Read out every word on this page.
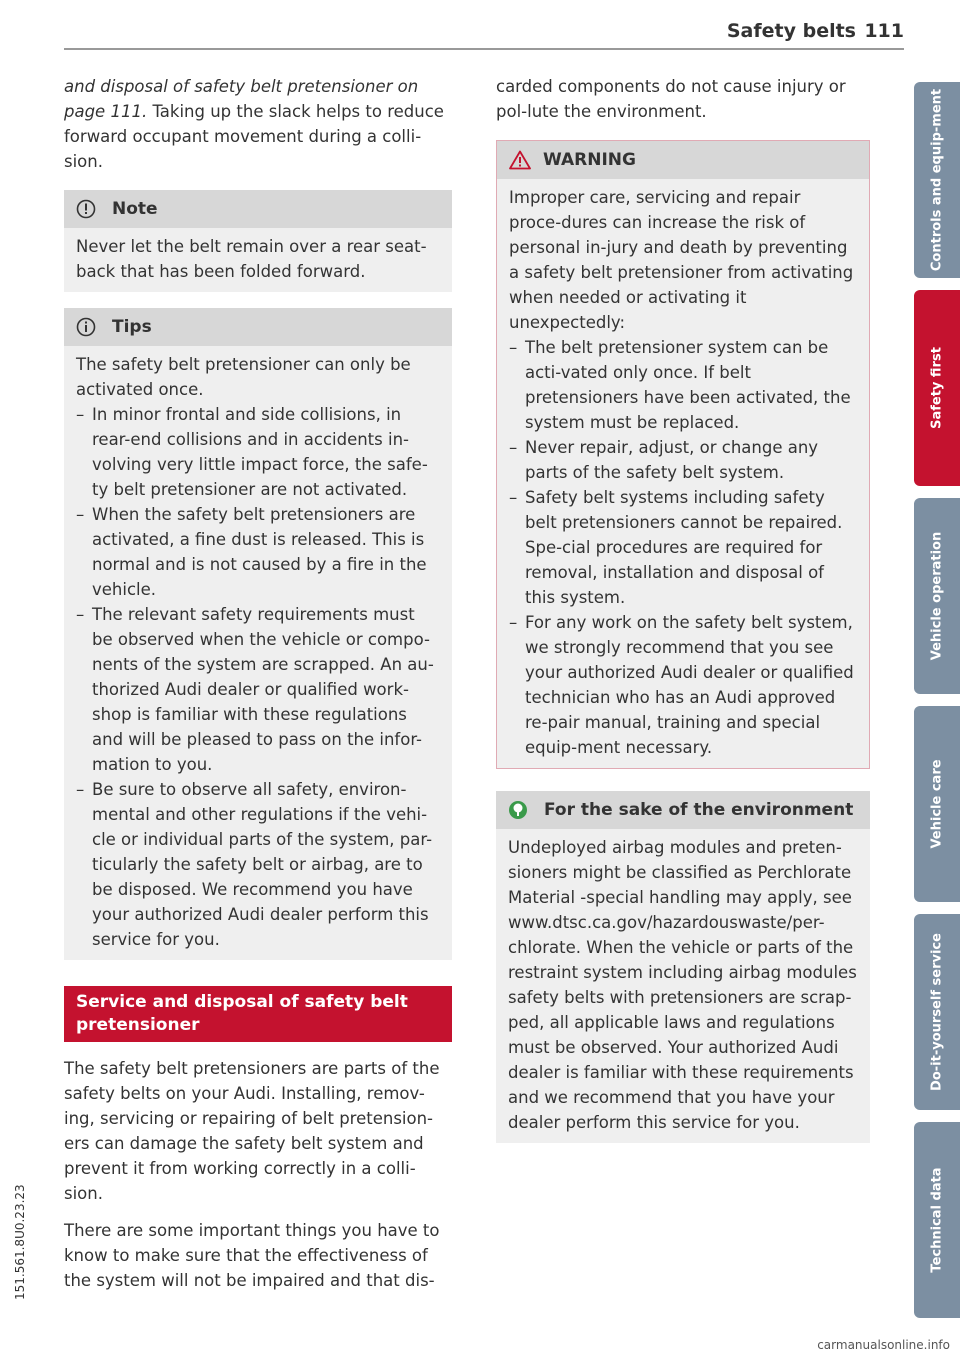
Safety belts 111

and disposal of safety belt pretensioner on page 111. Taking up the slack helps to reduce forward occupant movement during a colli-sion.

Note

Never let the belt remain over a rear seat-back that has been folded forward.

Tips

The safety belt pretensioner can only be activated once.

– In minor frontal and side collisions, in rear-end collisions and in accidents in-volving very little impact force, the safe-ty belt pretensioner are not activated.
– When the safety belt pretensioners are activated, a fine dust is released. This is normal and is not caused by a fire in the vehicle.
– The relevant safety requirements must be observed when the vehicle or compo-nents of the system are scrapped. An au-thorized Audi dealer or qualified work-shop is familiar with these regulations and will be pleased to pass on the infor-mation to you.
– Be sure to observe all safety, environ-mental and other regulations if the vehi-cle or individual parts of the system, par-ticularly the safety belt or airbag, are to be disposed. We recommend you have your authorized Audi dealer perform this service for you.
Service and disposal of safety belt pretensioner

The safety belt pretensioners are parts of the safety belts on your Audi. Installing, remov-ing, servicing or repairing of belt pretension-ers can damage the safety belt system and prevent it from working correctly in a colli-sion.

There are some important things you have to know to make sure that the effectiveness of the system will not be impaired and that dis-

carded components do not cause injury or pol-lute the environment.

WARNING

Improper care, servicing and repair proce-dures can increase the risk of personal in-jury and death by preventing a safety belt pretensioner from activating when needed or activating it unexpectedly:

– The belt pretensioner system can be acti-vated only once. If belt pretensioners have been activated, the system must be replaced.
– Never repair, adjust, or change any parts of the safety belt system.
– Safety belt systems including safety belt pretensioners cannot be repaired. Spe-cial procedures are required for removal, installation and disposal of this system.
– For any work on the safety belt system, we strongly recommend that you see your authorized Audi dealer or qualified technician who has an Audi approved re-pair manual, training and special equip-ment necessary.
For the sake of the environment

Undeployed airbag modules and preten-sioners might be classified as Perchlorate Material -special handling may apply, see www.dtsc.ca.gov/hazardouswaste/per-chlorate. When the vehicle or parts of the restraint system including airbag modules safety belts with pretensioners are scrap-ped, all applicable laws and regulations must be observed. Your authorized Audi dealer is familiar with these requirements and we recommend that you have your dealer perform this service for you.

Controls and equip-ment
Safety first
Vehicle operation
Vehicle care
Do-it-yourself service
Technical data
151.561.8U0.23.23
carmanualsonline.info
